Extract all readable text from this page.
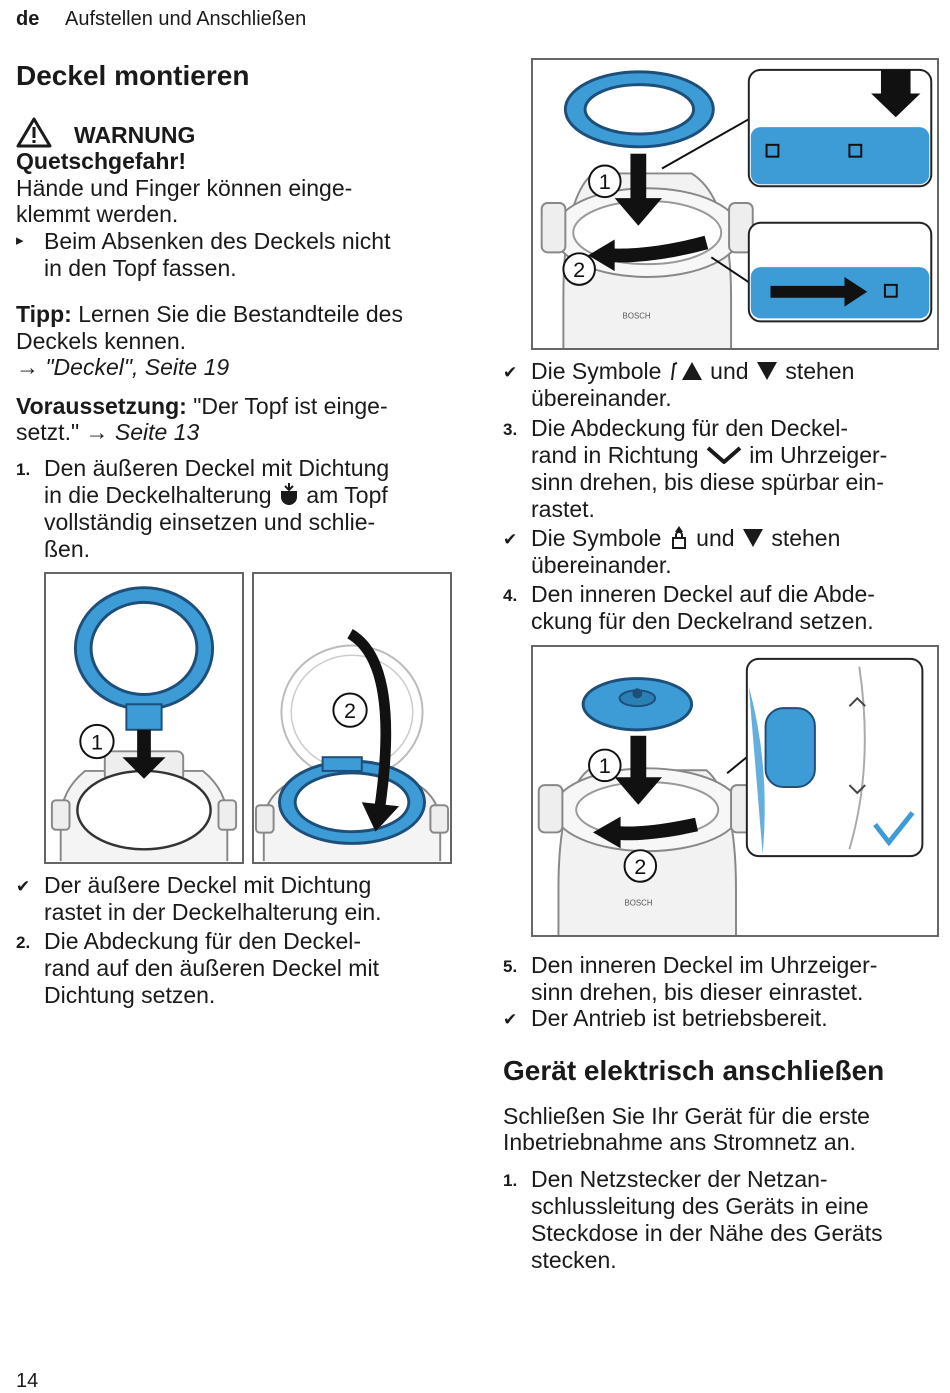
de Aufstellen und Anschließen
Deckel montieren
WARNUNG
Quetschgefahr!
Hände und Finger können einge-
klemmt werden.
▸ Beim Absenken des Deckels nicht
in den Topf fassen.
Tipp: Lernen Sie die Bestandteile des
Deckels kennen.
→ "Deckel", Seite 19
Voraussetzung: "Der Topf ist einge-
setzt." → Seite 13
1. Den äußeren Deckel mit Dichtung
in die Deckelhalterung am Topf
vollständig einsetzen und schlie-
ßen.
1
2
✔ Der äußere Deckel mit Dichtung
rastet in der Deckelhalterung ein.
2. Die Abdeckung für den Deckel-
rand auf den äußeren Deckel mit
Dichtung setzen.
BOSCH
1
2
✔ Die Symbole und stehen
übereinander.
3. Die Abdeckung für den Deckel-
rand in Richtung im Uhrzeiger-
sinn drehen, bis diese spürbar ein-
rastet.
✔ Die Symbole und stehen
übereinander.
4. Den inneren Deckel auf die Abde-
ckung für den Deckelrand setzen.
BOSCH
1
2
5. Den inneren Deckel im Uhrzeiger-
sinn drehen, bis dieser einrastet.
✔ Der Antrieb ist betriebsbereit.
Gerät elektrisch anschließen
Schließen Sie Ihr Gerät für die erste
Inbetriebnahme ans Stromnetz an.
1. Den Netzstecker der Netzan-
schlussleitung des Geräts in eine
Steckdose in der Nähe des Geräts
stecken.
14
